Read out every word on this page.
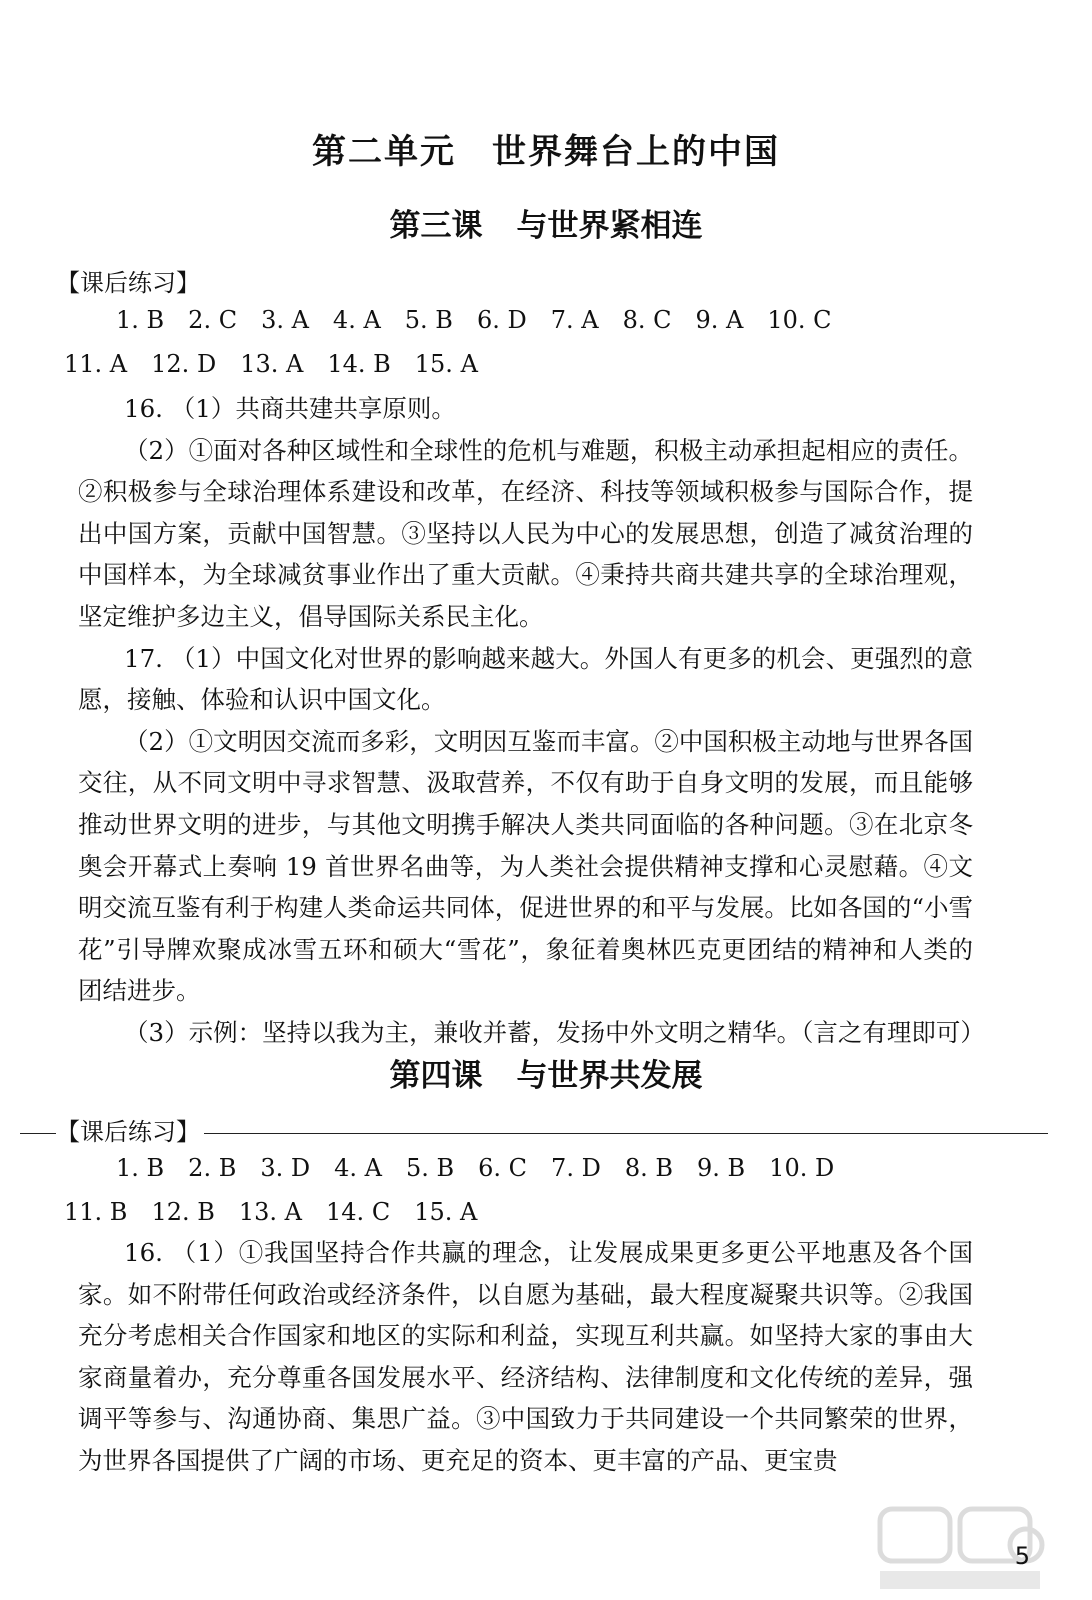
第二单元 世界舞台上的中国
第三课 与世界紧相连
【课后练习】
1. B 2. C 3. A 4. A 5. B 6. D 7. A 8. C 9. A 10. C
11. A 12. D 13. A 14. B 15. A

16. （1）共商共建共享原则。

（2）①面对各种区域性和全球性的危机与难题，积极主动承担起相应的责任。②积极参与全球治理体系建设和改革，在经济、科技等领域积极参与国际合作，提出中国方案，贡献中国智慧。③坚持以人民为中心的发展思想，创造了减贫治理的中国样本，为全球减贫事业作出了重大贡献。④秉持共商共建共享的全球治理观，坚定维护多边主义，倡导国际关系民主化。

17. （1）中国文化对世界的影响越来越大。外国人有更多的机会、更强烈的意愿，接触、体验和认识中国文化。

（2）①文明因交流而多彩，文明因互鉴而丰富。②中国积极主动地与世界各国交往，从不同文明中寻求智慧、汲取营养，不仅有助于自身文明的发展，而且能够推动世界文明的进步，与其他文明携手解决人类共同面临的各种问题。③在北京冬奥会开幕式上奏响 19 首世界名曲等，为人类社会提供精神支撑和心灵慰藉。④文明交流互鉴有利于构建人类命运共同体，促进世界的和平与发展。比如各国的“小雪花”引导牌欢聚成冰雪五环和硕大“雪花”，象征着奥林匹克更团结的精神和人类的团结进步。

（3）示例：坚持以我为主，兼收并蓄，发扬中外文明之精华。（言之有理即可）

第四课 与世界共发展
【课后练习】
1. B 2. B 3. D 4. A 5. B 6. C 7. D 8. B 9. B 10. D
11. B 12. B 13. A 14. C 15. A

16. （1）①我国坚持合作共赢的理念，让发展成果更多更公平地惠及各个国家。如不附带任何政治或经济条件，以自愿为基础，最大程度凝聚共识等。②我国充分考虑相关合作国家和地区的实际和利益，实现互利共赢。如坚持大家的事由大家商量着办，充分尊重各国发展水平、经济结构、法律制度和文化传统的差异，强调平等参与、沟通协商、集思广益。③中国致力于共同建设一个共同繁荣的世界，为世界各国提供了广阔的市场、更充足的资本、更丰富的产品、更宝贵

5
